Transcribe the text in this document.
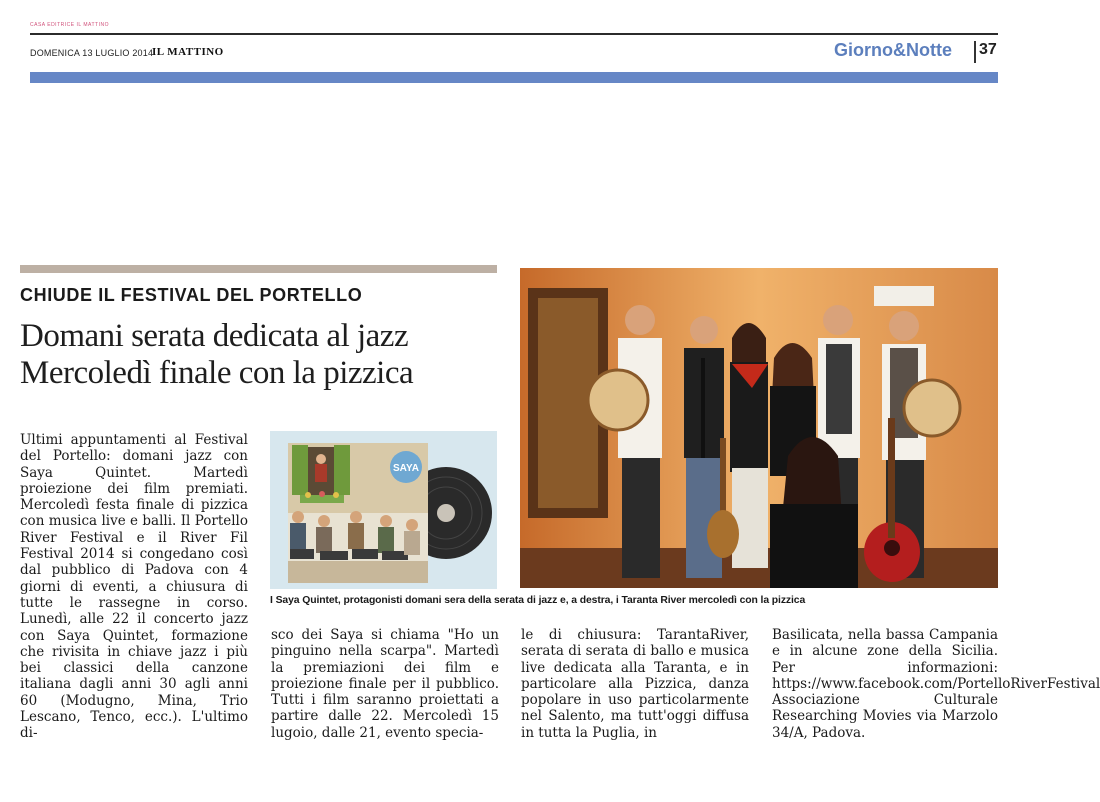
CASA EDITRICE IL MATTINO
DOMENICA 13 LUGLIO 2014
IL MATTINO	Giorno&Notte 37
CHIUDE IL FESTIVAL DEL PORTELLO
Domani serata dedicata al jazz
Mercoledì finale con la pizzica
Ultimi appuntamenti al Festival del Portello: domani jazz con Saya Quintet. Martedì proiezione dei film premiati. Mercoledì festa finale di pizzica con musica live e balli. Il Portello River Festival e il River Fil Festival 2014 si congedano così dal pubblico di Padova con 4 giorni di eventi, a chiusura di tutte le rassegne in corso. Lunedì, alle 22 il concerto jazz con Saya Quintet, formazione che rivisita in chiave jazz i più bei classici della canzone italiana dagli anni 30 agli anni 60 (Modugno, Mina, Trio Lescano, Tenco, ecc.). L'ultimo di-
SAYA
I Saya Quintet, protagonisti domani sera della serata di jazz e, a destra, i Taranta River mercoledì con la pizzica
sco dei Saya si chiama "Ho un pinguino nella scarpa". Martedì la premiazioni dei film e proiezione finale per il pubblico. Tutti i film saranno proiettati a partire dalle 22. Mercoledì 15 lugoio, dalle 21, evento specia-
le di chiusura: TarantaRiver, serata di serata di ballo e musica live dedicata alla Taranta, e in particolare alla Pizzica, danza popolare in uso particolarmente nel Salento, ma tutt'oggi diffusa in tutta la Puglia, in
Basilicata, nella bassa Campania e in alcune zone della Sicilia. Per informazioni: https://www.facebook.com/PortelloRiverFestival Associazione Culturale Researching Movies via Marzolo 34/A, Padova.
